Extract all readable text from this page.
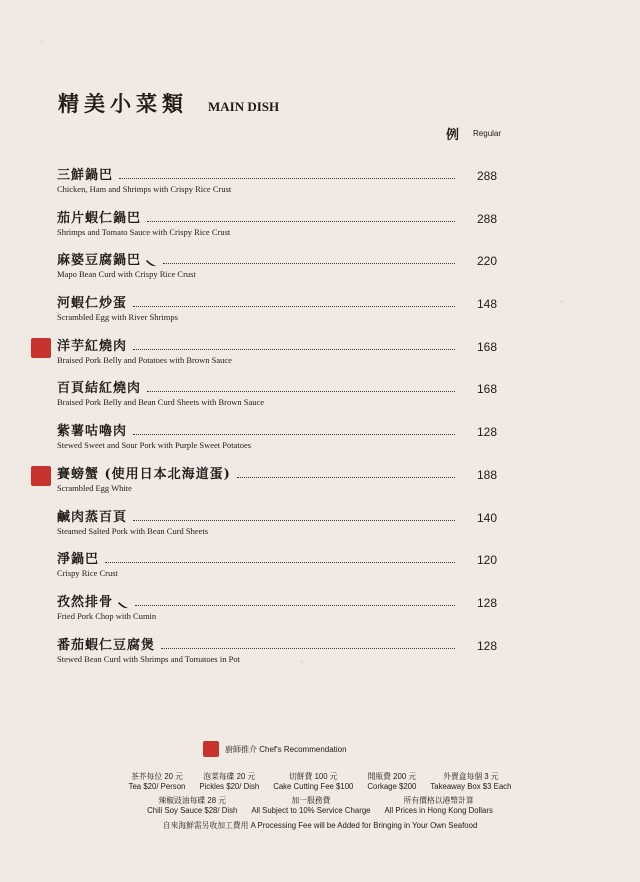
精美小菜類 MAIN DISH
例 Regular
三鮮鍋巴	288
Chicken, Ham and Shrimps with Crispy Rice Crust
茄片蝦仁鍋巴	288
Shrimps and Tomato Sauce with Crispy Rice Crust
麻婆豆腐鍋巴	220
Mapo Bean Curd with Crispy Rice Crust
河蝦仁炒蛋	148
Scrambled Egg with River Shrimps
洋芋紅燒肉	168
Braised Pork Belly and Potatoes with Brown Sauce
百頁結紅燒肉	168
Braised Pork Belly and Bean Curd Sheets with Brown Sauce
紫薯咕嚕肉	128
Stewed Sweet and Sour Pork with Purple Sweet Potatoes
賽螃蟹 (使用日本北海道蛋)	188
Scrambled Egg White
鹹肉蒸百頁	140
Steamed Salted Pork with Bean Curd Sheets
淨鍋巴	120
Crispy Rice Crust
孜然排骨	128
Fried Pork Chop with Cumin
番茄蝦仁豆腐煲	128
Stewed Bean Curd with Shrimps and Tomatoes in Pot
廚師推介 Chef's Recommendation
茶芥每位 20 元
Tea $20/ Person
泡菜每碟 20 元
Pickles $20/ Dish
切餅費 100 元
Cake Cutting Fee $100
開瓶費 200 元
Corkage $200
外賣盒每個 3 元
Takeaway Box $3 Each
辣椒豉油每碟 28 元
Chili Soy Sauce $28/ Dish
加一服務費
All Subject to 10% Service Charge
所有價格以港幣計算
All Prices in Hong Kong Dollars
自來海鮮需另收加工費用 A Processing Fee will be Added for Bringing in Your Own Seafood
